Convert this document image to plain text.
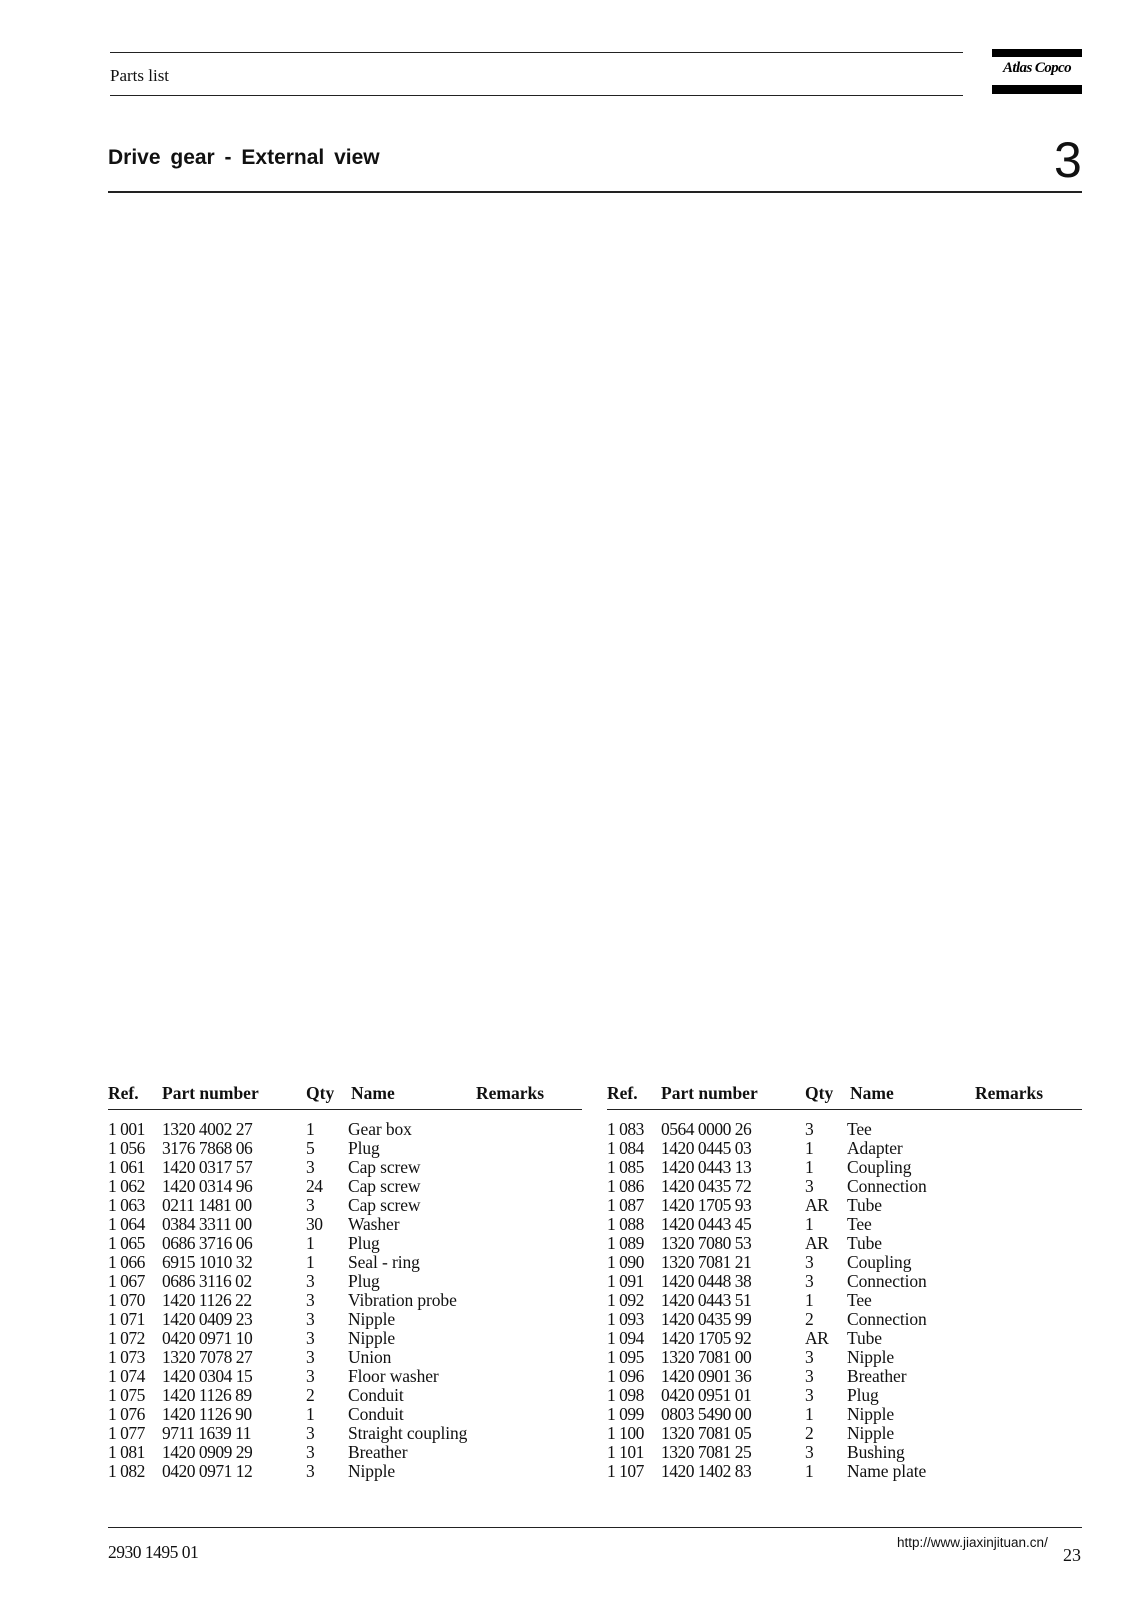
Parts list	Atlas Copco
Drive gear - External view	3
Ref. Part number	Qty Name	Remarks
1 001 1320 4002 27	1 Gear box
1 056 3176 7868 06	5 Plug
1 061 1420 0317 57	3 Cap screw
1 062 1420 0314 96	24 Cap screw
1 063 0211 1481 00	3 Cap screw
1 064 0384 3311 00	30 Washer
1 065 0686 3716 06	1 Plug
1 066 6915 1010 32	1 Seal - ring
1 067 0686 3116 02	3 Plug
1 070 1420 1126 22	3 Vibration probe
1 071 1420 0409 23	3 Nipple
1 072 0420 0971 10	3 Nipple
1 073 1320 7078 27	3 Union
1 074 1420 0304 15	3 Floor washer
1 075 1420 1126 89	2 Conduit
1 076 1420 1126 90	1 Conduit
1 077 9711 1639 11	3 Straight coupling
1 081 1420 0909 29	3 Breather
1 082 0420 0971 12	3 Nipple
Ref. Part number	Qty Name	Remarks
1 083 0564 0000 26	3 Tee
1 084 1420 0445 03	1 Adapter
1 085 1420 0443 13	1 Coupling
1 086 1420 0435 72	3 Connection
1 087 1420 1705 93	AR Tube
1 088 1420 0443 45	1 Tee
1 089 1320 7080 53	AR Tube
1 090 1320 7081 21	3 Coupling
1 091 1420 0448 38	3 Connection
1 092 1420 0443 51	1 Tee
1 093 1420 0435 99	2 Connection
1 094 1420 1705 92	AR Tube
1 095 1320 7081 00	3 Nipple
1 096 1420 0901 36	3 Breather
1 098 0420 0951 01	3 Plug
1 099 0803 5490 00	1 Nipple
1 100 1320 7081 05	2 Nipple
1 101 1320 7081 25	3 Bushing
1 107 1420 1402 83	1 Name plate
2930 1495 01	http://www.jiaxinjituan.cn/
23
